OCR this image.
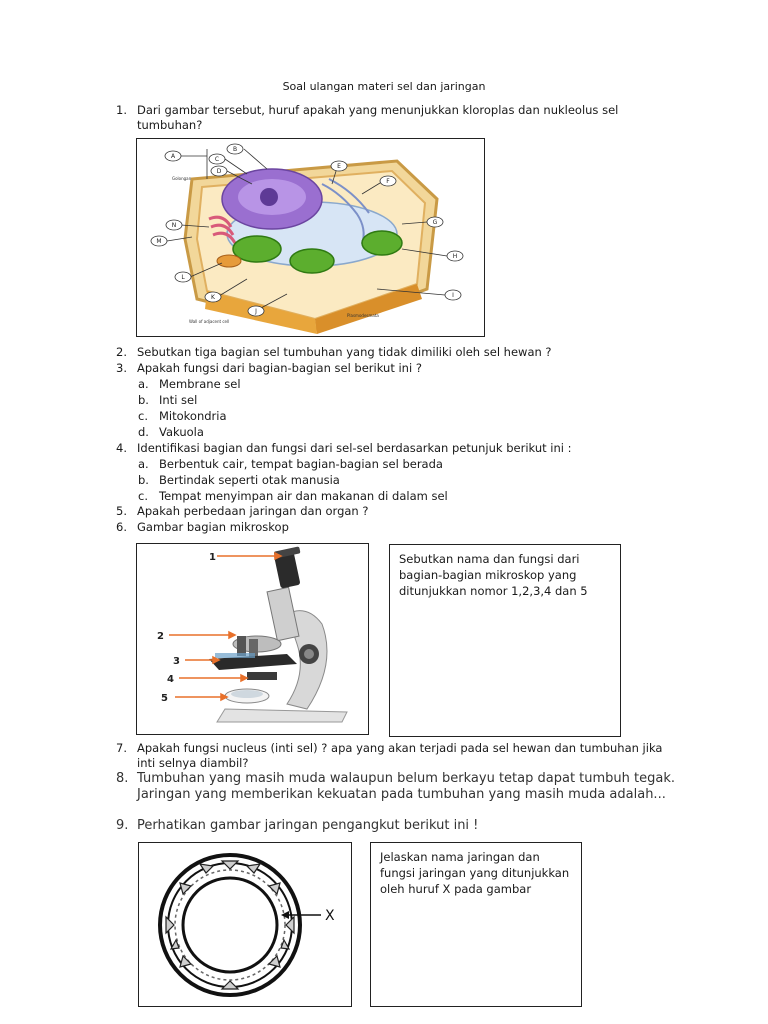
Soal ulangan materi sel dan jaringan
1. Dari gambar tersebut, huruf apakah yang menunjukkan kloroplas dan nukleolus sel tumbuhan?
A
B
C
D
E
F
G
H
I
J
K
L
M
N
Golongan
Wall of adjacent cell
Plasmodesmata
2. Sebutkan tiga bagian sel tumbuhan yang tidak dimiliki oleh sel hewan ?
3. Apakah fungsi dari bagian-bagian sel berikut ini ?
a. Membrane sel
b. Inti sel
c. Mitokondria
d. Vakuola
4. Identifikasi bagian dan fungsi dari sel-sel berdasarkan petunjuk berikut ini :
a. Berbentuk cair, tempat bagian-bagian sel berada
b. Bertindak seperti otak manusia
c. Tempat menyimpan air dan makanan di dalam sel
5. Apakah perbedaan jaringan dan organ ?
6. Gambar bagian mikroskop
1
2
3
4
5
Sebutkan nama dan fungsi dari bagian-bagian mikroskop yang ditunjukkan nomor 1,2,3,4 dan 5
7. Apakah fungsi nucleus (inti sel) ? apa yang akan terjadi pada sel hewan dan tumbuhan jika inti selnya diambil?
8. Tumbuhan yang masih muda walaupun belum berkayu tetap dapat tumbuh tegak. Jaringan yang memberikan kekuatan pada tumbuhan yang masih muda adalah...
9. Perhatikan gambar jaringan pengangkut berikut ini !
X
Jelaskan nama jaringan dan fungsi jaringan yang ditunjukkan oleh huruf X pada gambar
